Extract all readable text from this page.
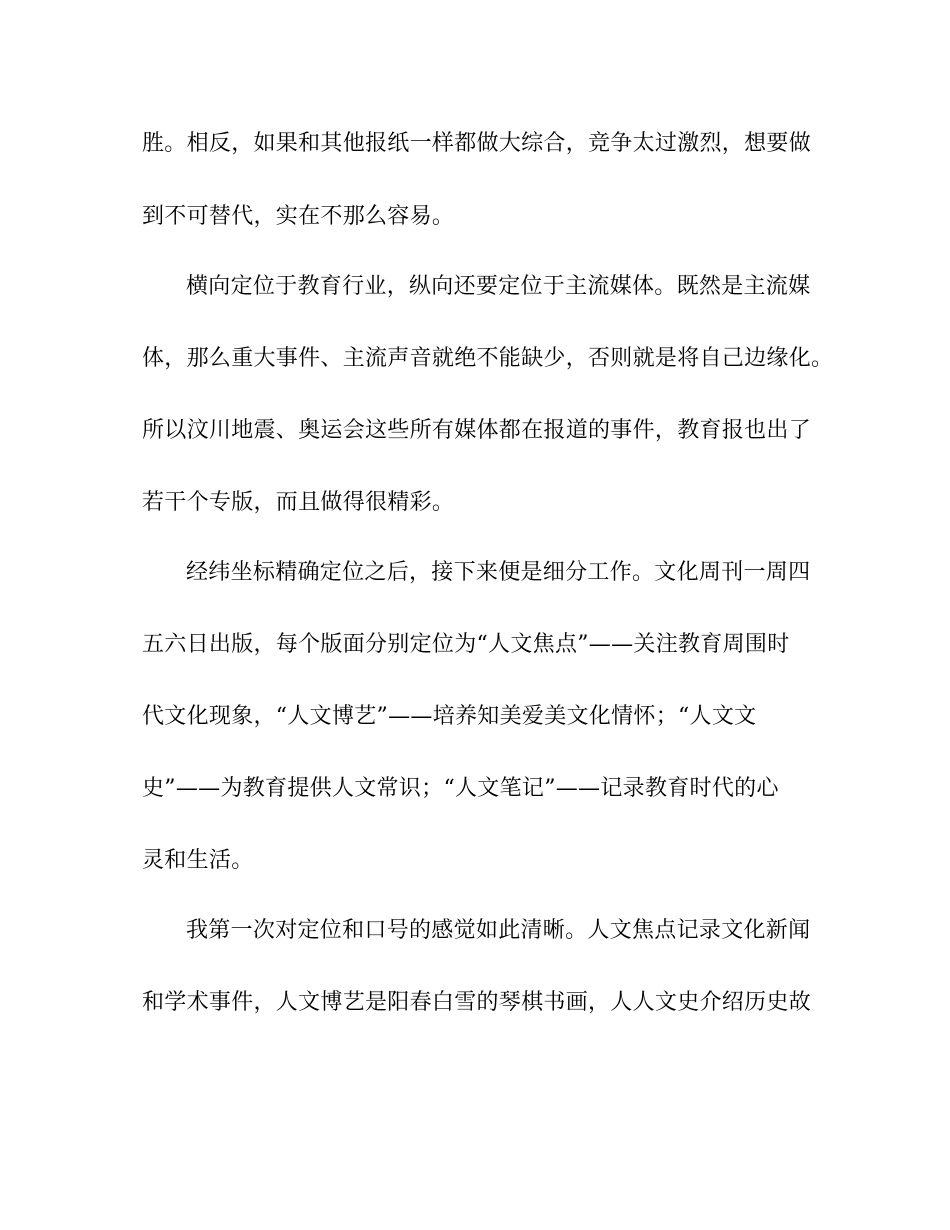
胜。相反，如果和其他报纸一样都做大综合，竞争太过激烈，想要做
到不可替代，实在不那么容易。
横向定位于教育行业，纵向还要定位于主流媒体。既然是主流媒
体，那么重大事件、主流声音就绝不能缺少，否则就是将自己边缘化。
所以汶川地震、奥运会这些所有媒体都在报道的事件，教育报也出了
若干个专版，而且做得很精彩。
经纬坐标精确定位之后，接下来便是细分工作。文化周刊一周四
五六日出版，每个版面分别定位为“人文焦点”——关注教育周围时
代文化现象，“人文博艺”——培养知美爱美文化情怀；“人文文
史”——为教育提供人文常识；“人文笔记”——记录教育时代的心
灵和生活。
我第一次对定位和口号的感觉如此清晰。人文焦点记录文化新闻
和学术事件，人文博艺是阳春白雪的琴棋书画，人人文史介绍历史故
